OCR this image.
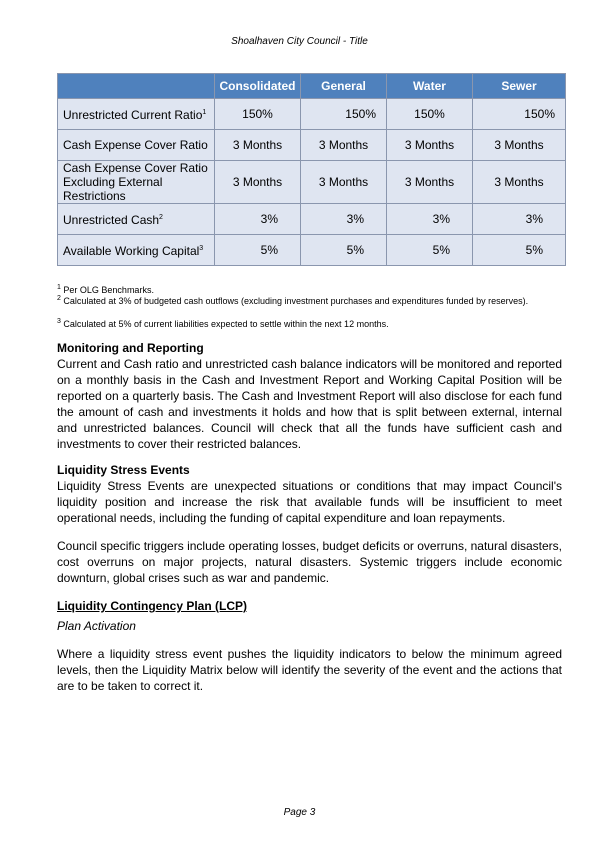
Shoalhaven City Council - Title
	Consolidated	General	Water	Sewer
Unrestricted Current Ratio$^1$	150%	150%	150%	150%
Cash Expense Cover Ratio	3 Months	3 Months	3 Months	3 Months
Cash Expense Cover Ratio Excluding External Restrictions	3 Months	3 Months	3 Months	3 Months
Unrestricted Cash$^2$	3%	3%	3%	3%
Available Working Capital$^3$	5%	5%	5%	5%
$^1$ Per OLG Benchmarks.
$^2$ Calculated at 3% of budgeted cash outflows (excluding investment purchases and expenditures funded by reserves).
$^3$ Calculated at 5% of current liabilities expected to settle within the next 12 months.
Monitoring and Reporting
Current and Cash ratio and unrestricted cash balance indicators will be monitored and reported on a monthly basis in the Cash and Investment Report and Working Capital Position will be reported on a quarterly basis. The Cash and Investment Report will also disclose for each fund the amount of cash and investments it holds and how that is split between external, internal and unrestricted balances. Council will check that all the funds have sufficient cash and investments to cover their restricted balances.
Liquidity Stress Events
Liquidity Stress Events are unexpected situations or conditions that may impact Council's liquidity position and increase the risk that available funds will be insufficient to meet operational needs, including the funding of capital expenditure and loan repayments.
Council specific triggers include operating losses, budget deficits or overruns, natural disasters, cost overruns on major projects, natural disasters. Systemic triggers include economic downturn, global crises such as war and pandemic.
Liquidity Contingency Plan (LCP)
Plan Activation
Where a liquidity stress event pushes the liquidity indicators to below the minimum agreed levels, then the Liquidity Matrix below will identify the severity of the event and the actions that are to be taken to correct it.
Page 3
